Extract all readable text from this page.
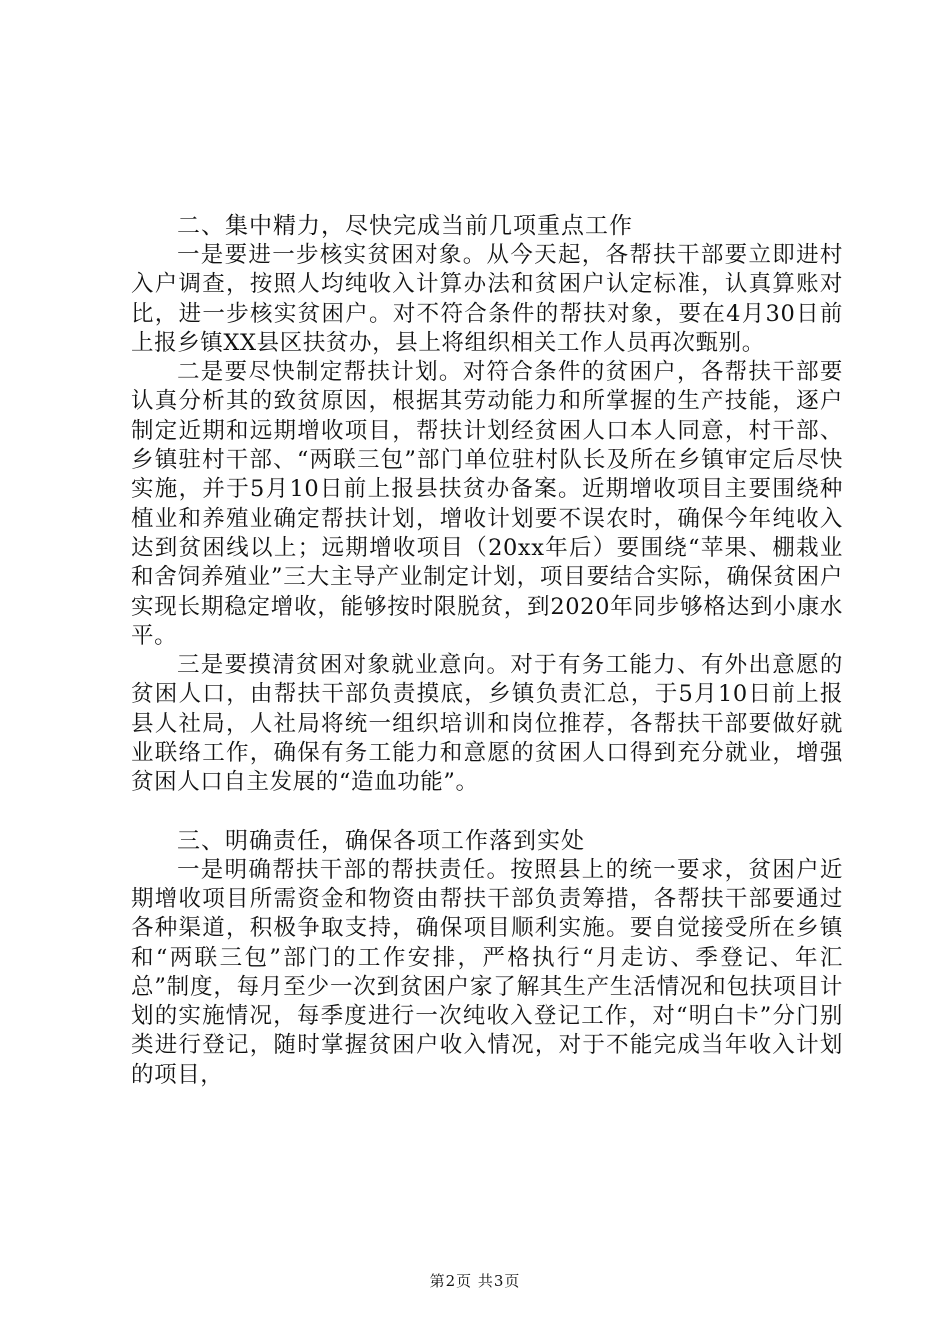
二、集中精力，尽快完成当前几项重点工作

一是要进一步核实贫困对象。从今天起，各帮扶干部要立即进村入户调查，按照人均纯收入计算办法和贫困户认定标准，认真算账对比，进一步核实贫困户。对不符合条件的帮扶对象，要在4月30日前上报乡镇XX县区扶贫办，县上将组织相关工作人员再次甄别。

二是要尽快制定帮扶计划。对符合条件的贫困户，各帮扶干部要认真分析其的致贫原因，根据其劳动能力和所掌握的生产技能，逐户制定近期和远期增收项目，帮扶计划经贫困人口本人同意，村干部、乡镇驻村干部、“两联三包”部门单位驻村队长及所在乡镇审定后尽快实施，并于5月10日前上报县扶贫办备案。近期增收项目主要围绕种植业和养殖业确定帮扶计划，增收计划要不误农时，确保今年纯收入达到贫困线以上；远期增收项目（20xx年后）要围绕“苹果、棚栽业和舍饲养殖业”三大主导产业制定计划，项目要结合实际，确保贫困户实现长期稳定增收，能够按时限脱贫，到2020年同步够格达到小康水平。

三是要摸清贫困对象就业意向。对于有务工能力、有外出意愿的贫困人口，由帮扶干部负责摸底，乡镇负责汇总，于5月10日前上报县人社局，人社局将统一组织培训和岗位推荐，各帮扶干部要做好就业联络工作，确保有务工能力和意愿的贫困人口得到充分就业，增强贫困人口自主发展的“造血功能”。

三、明确责任，确保各项工作落到实处

一是明确帮扶干部的帮扶责任。按照县上的统一要求，贫困户近期增收项目所需资金和物资由帮扶干部负责筹措，各帮扶干部要通过各种渠道，积极争取支持，确保项目顺利实施。要自觉接受所在乡镇和“两联三包”部门的工作安排，严格执行“月走访、季登记、年汇总”制度，每月至少一次到贫困户家了解其生产生活情况和包扶项目计划的实施情况，每季度进行一次纯收入登记工作，对“明白卡”分门别类进行登记，随时掌握贫困户收入情况，对于不能完成当年收入计划的项目，

第2页 共3页
